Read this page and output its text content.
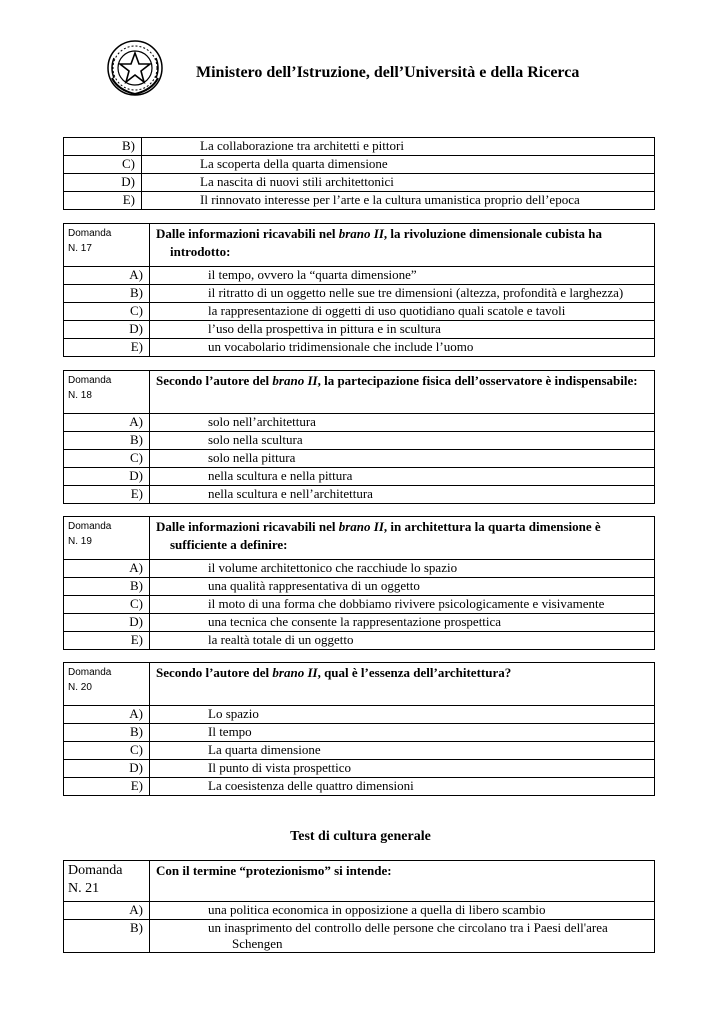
Ministero dell’Istruzione, dell’Università e della Ricerca
B)	La collaborazione tra architetti e pittori
C)	La scoperta della quarta dimensione
D)	La nascita di nuovi stili architettonici
E)	Il rinnovato interesse per l’arte e la cultura umanistica proprio dell’epoca
Domanda
N. 17	Dalle informazioni ricavabili nel brano II, la rivoluzione dimensionale cubista ha
introdotto:

A)	il tempo, ovvero la “quarta dimensione”
B)	il ritratto di un oggetto nelle sue tre dimensioni (altezza, profondità e larghezza)
C)	la rappresentazione di oggetti di uso quotidiano quali scatole e tavoli
D)	l’uso della prospettiva in pittura e in scultura
E)	un vocabolario tridimensionale che include l’uomo
Domanda
N. 18	Secondo l’autore del brano II, la partecipazione fisica dell’osservatore è indispensabile:
A)	solo nell’architettura
B)	solo nella scultura
C)	solo nella pittura
D)	nella scultura e nella pittura
E)	nella scultura e nell’architettura
Domanda
N. 19	Dalle informazioni ricavabili nel brano II, in architettura la quarta dimensione è
sufficiente a definire:

A)	il volume architettonico che racchiude lo spazio
B)	una qualità rappresentativa di un oggetto
C)	il moto di una forma che dobbiamo rivivere psicologicamente e visivamente
D)	una tecnica che consente la rappresentazione prospettica
E)	la realtà totale di un oggetto
Domanda
N. 20	Secondo l’autore del brano II, qual è l’essenza dell’architettura?
A)	Lo spazio
B)	Il tempo
C)	La quarta dimensione
D)	Il punto di vista prospettico
E)	La coesistenza delle quattro dimensioni
Test di cultura generale
Domanda
N. 21	Con il termine “protezionismo” si intende:
A)	una politica economica in opposizione a quella di libero scambio
B)	un inasprimento del controllo delle persone che circolano tra i Paesi dell'area
Schengen
